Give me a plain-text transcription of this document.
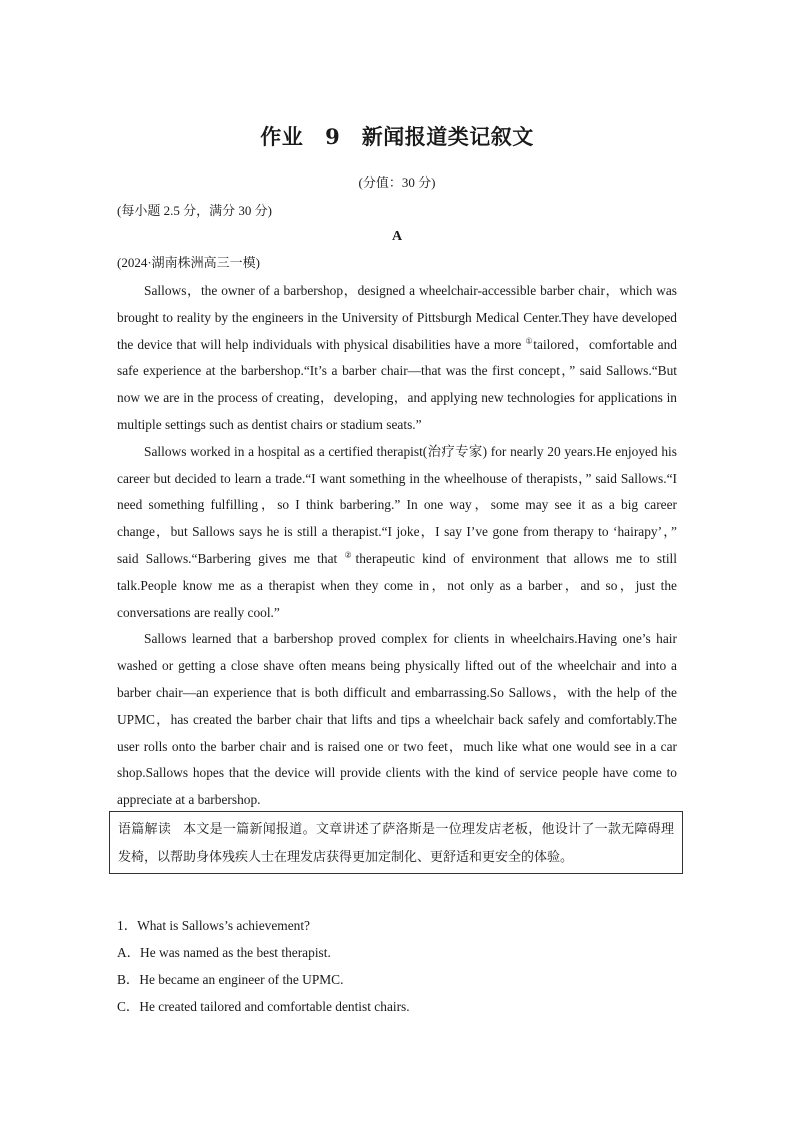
作业 9　新闻报道类记叙文
(分值：30 分)
(每小题 2.5 分，满分 30 分)
A
(2024·湖南株洲高三一模)

Sallows，the owner of a barbershop，designed a wheelchair-accessible barber chair，which was brought to reality by the engineers in the University of Pittsburgh Medical Center.They have developed the device that will help individuals with physical disabilities have a more ①tailored，comfortable and safe experience at the barbershop.“It’s a barber chair—that was the first concept，” said Sallows.“But now we are in the process of creating，developing，and applying new technologies for applications in multiple settings such as dentist chairs or stadium seats.”

Sallows worked in a hospital as a certified therapist(治疗专家) for nearly 20 years.He enjoyed his career but decided to learn a trade.“I want something in the wheelhouse of therapists，” said Sallows.“I need something fulfilling，so I think barbering.” In one way，some may see it as a big career change，but Sallows says he is still a therapist.“I joke，I say I’ve gone from therapy to ‘hairapy’，” said Sallows.“Barbering gives me that ②therapeutic kind of environment that allows me to still talk.People know me as a therapist when they come in，not only as a barber，and so，just the conversations are really cool.”

Sallows learned that a barbershop proved complex for clients in wheelchairs.Having one’s hair washed or getting a close shave often means being physically lifted out of the wheelchair and into a barber chair—an experience that is both difficult and embarrassing.So Sallows，with the help of the UPMC，has created the barber chair that lifts and tips a wheelchair back safely and comfortably.The user rolls onto the barber chair and is raised one or two feet，much like what one would see in a car shop.Sallows hopes that the device will provide clients with the kind of service people have come to appreciate at a barbershop.

语篇解读 本文是一篇新闻报道。文章讲述了萨洛斯是一位理发店老板，他设计了一款无障碍理发椅，以帮助身体残疾人士在理发店获得更加定制化、更舒适和更安全的体验。
1．What is Sallows’s achievement?
A．He was named as the best therapist.
B．He became an engineer of the UPMC.
C．He created tailored and comfortable dentist chairs.
